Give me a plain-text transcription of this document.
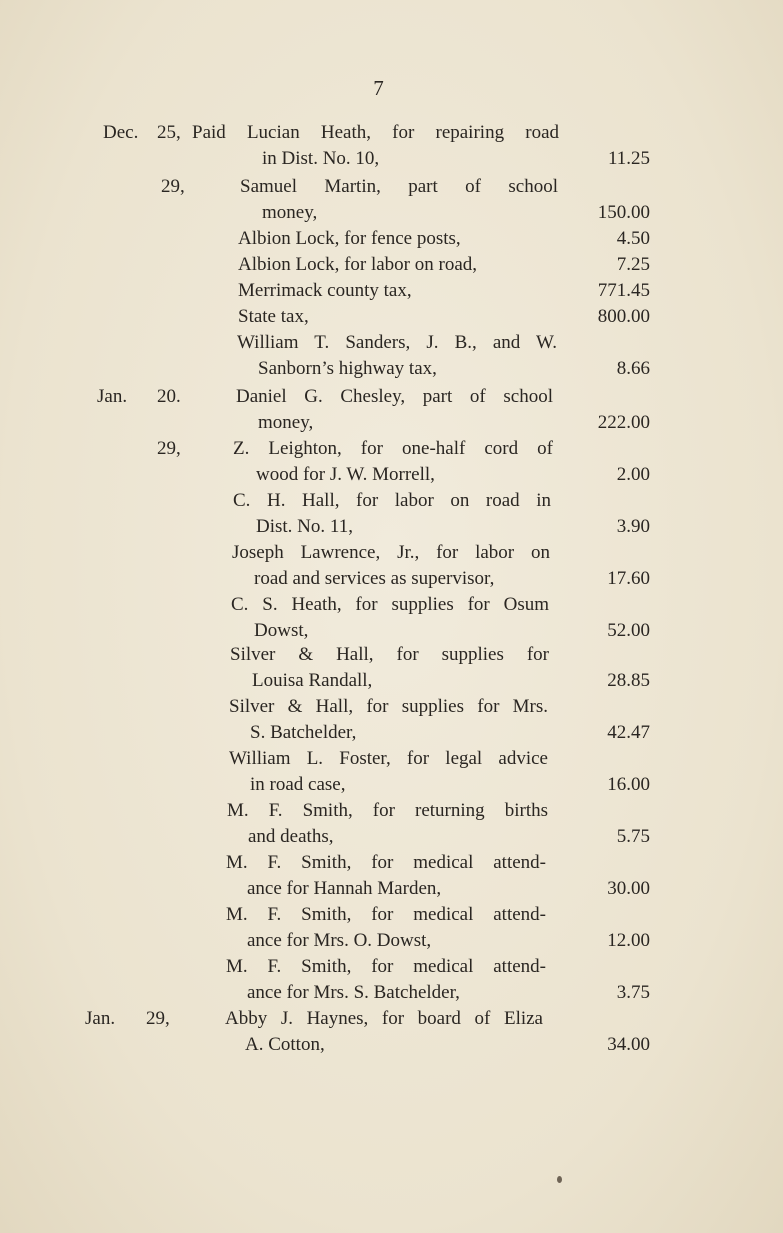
7
Dec. 25, Paid Lucian Heath, for repairing road
in Dist. No. 10,	11.25
29,	Samuel Martin, part of school
money,	150.00
Albion Lock, for fence posts,	4.50
Albion Lock, for labor on road,	7.25
Merrimack county tax,	771.45
State tax,	800.00
William T. Sanders, J. B., and W.
Sanborn’s highway tax,	8.66
Jan.	20.	Daniel G. Chesley, part of school
money,	222.00
29,	Z. Leighton, for one-half cord of
wood for J. W. Morrell,	2.00
C. H. Hall, for labor on road in
Dist. No. 11,	3.90
Joseph Lawrence, Jr., for labor on
road and services as supervisor,	17.60
C. S. Heath, for supplies for Osum
Dowst,	52.00
Silver & Hall, for supplies for
Louisa Randall,	28.85
Silver & Hall, for supplies for Mrs.
S. Batchelder,	42.47
William L. Foster, for legal advice
in road case,	16.00
M. F. Smith, for returning births
and deaths,	5.75
M. F. Smith, for medical attend-
ance for Hannah Marden,	30.00
M. F. Smith, for medical attend-
ance for Mrs. O. Dowst,	12.00
M. F. Smith, for medical attend-
ance for Mrs. S. Batchelder,	3.75
Jan.	29,	Abby J. Haynes, for board of Eliza
A. Cotton,	34.00
